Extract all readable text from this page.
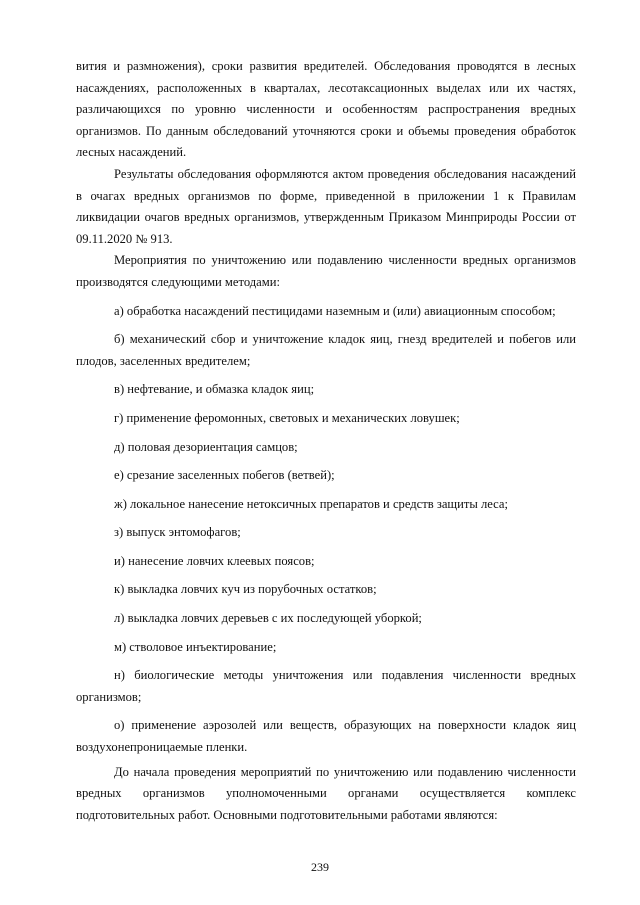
вития и размножения), сроки развития вредителей. Обследования проводятся в лесных насаждениях, расположенных в кварталах, лесотаксационных выделах или их частях, различающихся по уровню численности и особенностям распространения вредных организмов. По данным обследований уточняются сроки и объемы проведения обработок лесных насаждений.

Результаты обследования оформляются актом проведения обследования насаждений в очагах вредных организмов по форме, приведенной в приложении 1 к Правилам ликвидации очагов вредных организмов, утвержденным Приказом Минприроды России от 09.11.2020 № 913.

Мероприятия по уничтожению или подавлению численности вредных организмов производятся следующими методами:

а) обработка насаждений пестицидами наземным и (или) авиационным способом;

б) механический сбор и уничтожение кладок яиц, гнезд вредителей и побегов или плодов, заселенных вредителем;

в) нефтевание, и обмазка кладок яиц;

г) применение феромонных, световых и механических ловушек;

д) половая дезориентация самцов;

е) срезание заселенных побегов (ветвей);

ж) локальное нанесение нетоксичных препаратов и средств защиты леса;

з) выпуск энтомофагов;

и) нанесение ловчих клеевых поясов;

к) выкладка ловчих куч из порубочных остатков;

л) выкладка ловчих деревьев с их последующей уборкой;

м) стволовое инъектирование;

н) биологические методы уничтожения или подавления численности вредных организмов;

о) применение аэрозолей или веществ, образующих на поверхности кладок яиц воздухонепроницаемые пленки.

До начала проведения мероприятий по уничтожению или подавлению численности вредных организмов уполномоченными органами осуществляется комплекс подготовительных работ. Основными подготовительными работами являются:

239
